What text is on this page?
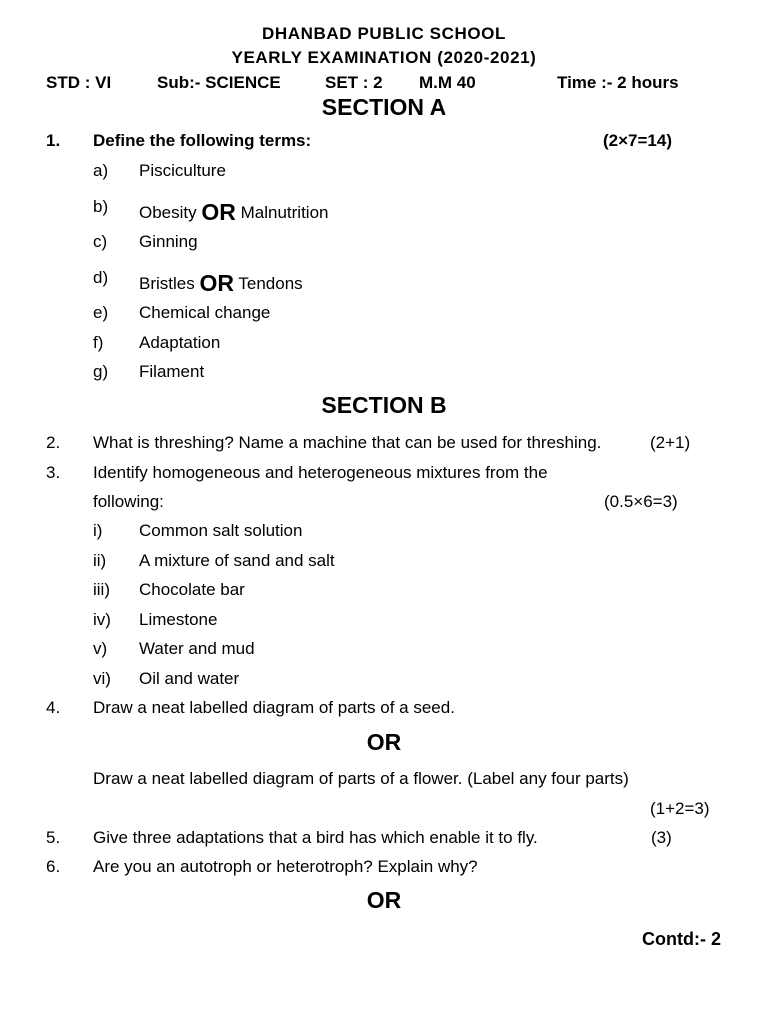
DHANBAD PUBLIC SCHOOL
YEARLY EXAMINATION (2020-2021)
STD : VI	Sub:- SCIENCE	SET : 2 M.M 40	Time :- 2 hours
SECTION A
1. Define the following terms:	(2×7=14)
a) Pisciculture
b) Obesity OR Malnutrition
c) Ginning
d) Bristles OR Tendons
e) Chemical change
f) Adaptation
g) Filament
SECTION B
2. What is threshing? Name a machine that can be used for threshing.	(2+1)
3. Identify homogeneous and heterogeneous mixtures from the
following:	(0.5×6=3)
i) Common salt solution
ii) A mixture of sand and salt
iii) Chocolate bar
iv) Limestone
v) Water and mud
vi) Oil and water
4. Draw a neat labelled diagram of parts of a seed.
OR
Draw a neat labelled diagram of parts of a flower. (Label any four parts)
(1+2=3)
5. Give three adaptations that a bird has which enable it to fly.	(3)
6. Are you an autotroph or heterotroph? Explain why?
OR
Contd:- 2
